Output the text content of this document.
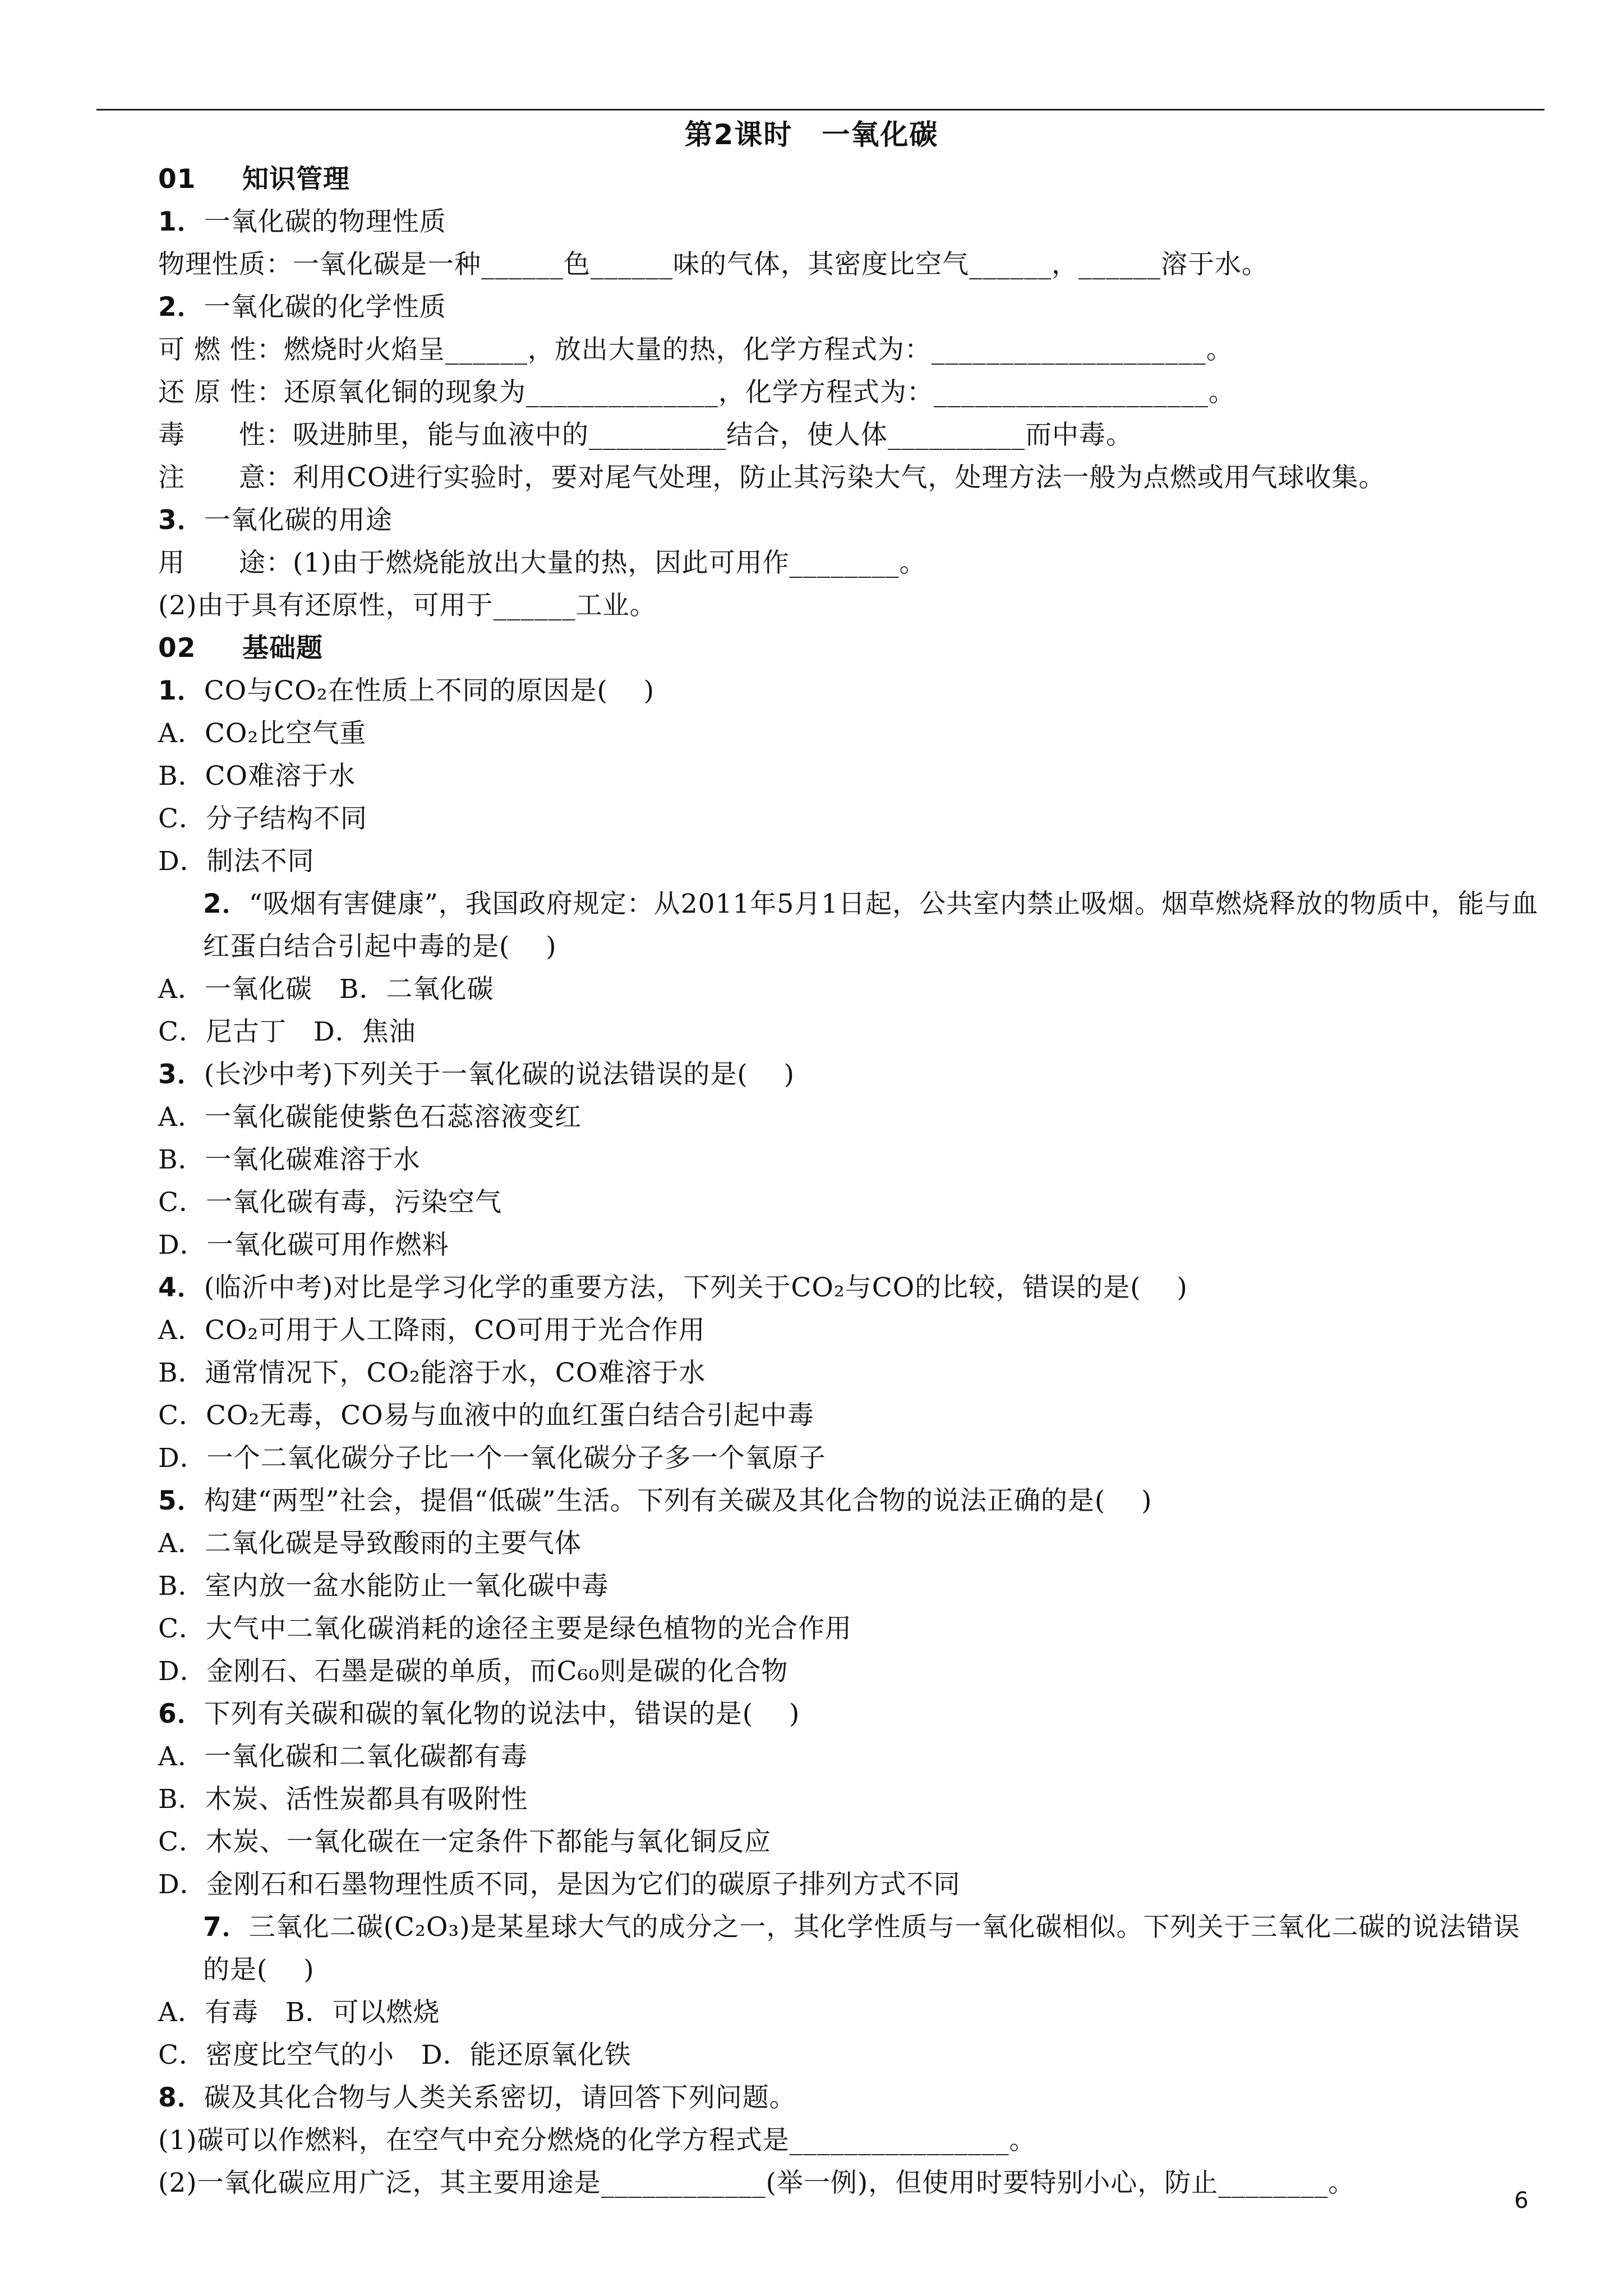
第2课时　一氧化碳
01 知识管理
1．一氧化碳的物理性质
物理性质：一氧化碳是一种______色______味的气体，其密度比空气______，______溶于水。
2．一氧化碳的化学性质
可 燃 性：燃烧时火焰呈______，放出大量的热，化学方程式为：____________________。
还 原 性：还原氧化铜的现象为______________，化学方程式为：____________________。
毒　　性：吸进肺里，能与血液中的__________结合，使人体__________而中毒。
注　　意：利用CO进行实验时，要对尾气处理，防止其污染大气，处理方法一般为点燃或用气球收集。
3．一氧化碳的用途
用　　途：(1)由于燃烧能放出大量的热，因此可用作________。
(2)由于具有还原性，可用于______工业。
02 基础题
1．CO与CO₂在性质上不同的原因是(　 )
A．CO₂比空气重
B．CO难溶于水
C．分子结构不同
D．制法不同
2．“吸烟有害健康”，我国政府规定：从2011年5月1日起，公共室内禁止吸烟。烟草燃烧释放的物质中，能与血红蛋白结合引起中毒的是(　 )
A．一氧化碳　B．二氧化碳
C．尼古丁　D．焦油
3．(长沙中考)下列关于一氧化碳的说法错误的是(　 )
A．一氧化碳能使紫色石蕊溶液变红
B．一氧化碳难溶于水
C．一氧化碳有毒，污染空气
D．一氧化碳可用作燃料
4．(临沂中考)对比是学习化学的重要方法，下列关于CO₂与CO的比较，错误的是(　 )
A．CO₂可用于人工降雨，CO可用于光合作用
B．通常情况下，CO₂能溶于水，CO难溶于水
C．CO₂无毒，CO易与血液中的血红蛋白结合引起中毒
D．一个二氧化碳分子比一个一氧化碳分子多一个氧原子
5．构建“两型”社会，提倡“低碳”生活。下列有关碳及其化合物的说法正确的是(　 )
A．二氧化碳是导致酸雨的主要气体
B．室内放一盆水能防止一氧化碳中毒
C．大气中二氧化碳消耗的途径主要是绿色植物的光合作用
D．金刚石、石墨是碳的单质，而C₆₀则是碳的化合物
6．下列有关碳和碳的氧化物的说法中，错误的是(　 )
A．一氧化碳和二氧化碳都有毒
B．木炭、活性炭都具有吸附性
C．木炭、一氧化碳在一定条件下都能与氧化铜反应
D．金刚石和石墨物理性质不同，是因为它们的碳原子排列方式不同
7．三氧化二碳(C₂O₃)是某星球大气的成分之一，其化学性质与一氧化碳相似。下列关于三氧化二碳的说法错误的是(　 )
A．有毒　B．可以燃烧
C．密度比空气的小　D．能还原氧化铁
8．碳及其化合物与人类关系密切，请回答下列问题。
(1)碳可以作燃料，在空气中充分燃烧的化学方程式是________________。
(2)一氧化碳应用广泛，其主要用途是____________(举一例)，但使用时要特别小心，防止________。
6
